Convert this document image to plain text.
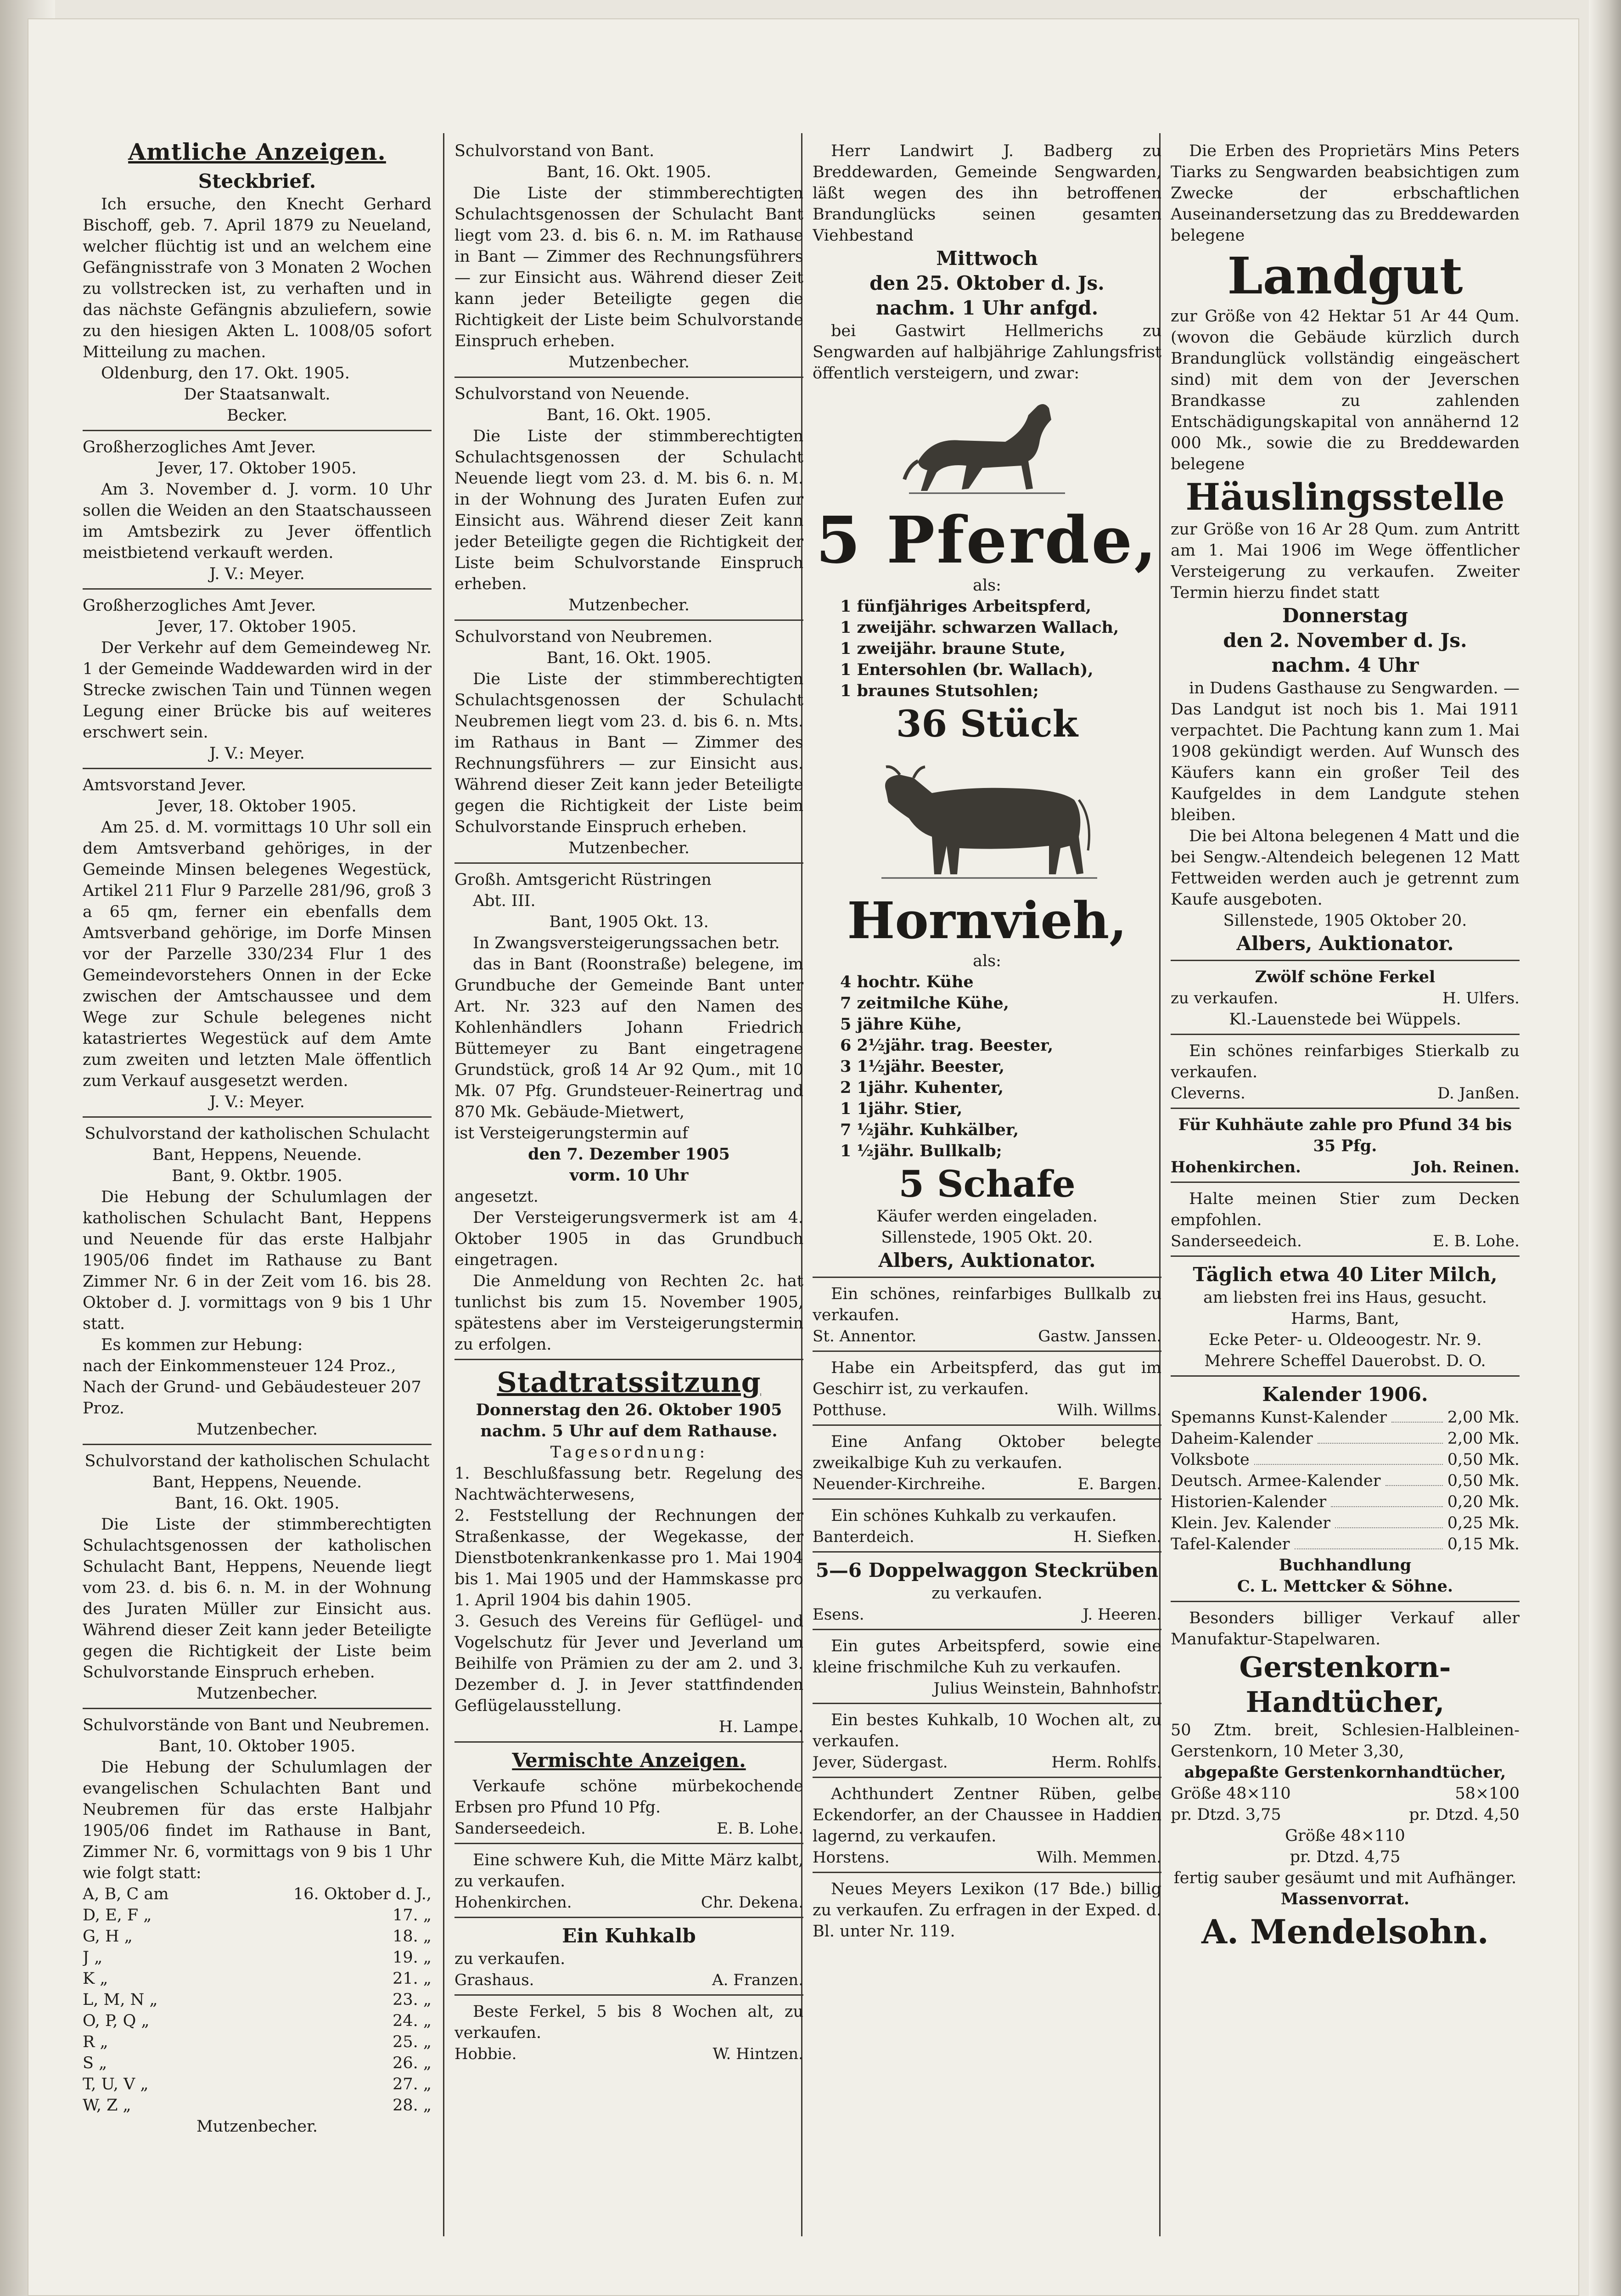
Amtliche Anzeigen.
Steckbrief.
Ich ersuche, den Knecht Gerhard Bischoff, geb. 7. April 1879 zu Neueland, welcher flüchtig ist und an welchem eine Gefängnisstrafe von 3 Monaten 2 Wochen zu vollstrecken ist, zu verhaften und in das nächste Gefängnis abzuliefern, sowie zu den hiesigen Akten L. 1008/05 sofort Mitteilung zu machen.
Oldenburg, den 17. Okt. 1905.
Der Staatsanwalt.
Becker.
Großherzogliches Amt Jever.
Jever, 17. Oktober 1905.
Am 3. November d. J. vorm. 10 Uhr sollen die Weiden an den Staatschausseen im Amtsbezirk zu Jever öffentlich meistbietend verkauft werden.
J. V.: Meyer.
Großherzogliches Amt Jever.
Jever, 17. Oktober 1905.
Der Verkehr auf dem Gemeindeweg Nr. 1 der Gemeinde Waddewarden wird in der Strecke zwischen Tain und Tünnen wegen Legung einer Brücke bis auf weiteres erschwert sein.
J. V.: Meyer.
Amtsvorstand Jever.
Jever, 18. Oktober 1905.
Am 25. d. M. vormittags 10 Uhr soll ein dem Amtsverband gehöriges, in der Gemeinde Minsen belegenes Wegestück, Artikel 211 Flur 9 Parzelle 281/96, groß 3 a 65 qm, ferner ein ebenfalls dem Amtsverband gehörige, im Dorfe Minsen vor der Parzelle 330/234 Flur 1 des Gemeindevorstehers Onnen in der Ecke zwischen der Amtschaussee und dem Wege zur Schule belegenes nicht katastriertes Wegestück auf dem Amte zum zweiten und letzten Male öffentlich zum Verkauf ausgesetzt werden.
J. V.: Meyer.
Schulvorstand der katholischen Schulacht Bant, Heppens, Neuende.
Bant, 9. Oktbr. 1905.
Die Hebung der Schulumlagen der katholischen Schulacht Bant, Heppens und Neuende für das erste Halbjahr 1905/06 findet im Rathause zu Bant Zimmer Nr. 6 in der Zeit vom 16. bis 28. Oktober d. J. vormittags von 9 bis 1 Uhr statt.
Es kommen zur Hebung:
nach der Einkommensteuer 124 Proz.,
Nach der Grund- und Gebäudesteuer 207 Proz.
Mutzenbecher.
Schulvorstand der katholischen Schulacht Bant, Heppens, Neuende.
Bant, 16. Okt. 1905.
Die Liste der stimmberechtigten Schulachtsgenossen der katholischen Schulacht Bant, Heppens, Neuende liegt vom 23. d. bis 6. n. M. in der Wohnung des Juraten Müller zur Einsicht aus. Während dieser Zeit kann jeder Beteiligte gegen die Richtigkeit der Liste beim Schulvorstande Einspruch erheben.
Mutzenbecher.
Schulvorstände von Bant und Neubremen.
Bant, 10. Oktober 1905.
Die Hebung der Schulumlagen der evangelischen Schulachten Bant und Neubremen für das erste Halbjahr 1905/06 findet im Rathause in Bant, Zimmer Nr. 6, vormittags von 9 bis 1 Uhr wie folgt statt:
A, B, C am	16. Oktober d. J.,
D, E, F „	17. „
G, H „	18. „
J „	19. „
K „	21. „
L, M, N „	23. „
O, P, Q „	24. „
R „	25. „
S „	26. „
T, U, V „	27. „
W, Z „	28. „
Mutzenbecher.
Schulvorstand von Bant.
Bant, 16. Okt. 1905.
Die Liste der stimmberechtigten Schulachtsgenossen der Schulacht Bant liegt vom 23. d. bis 6. n. M. im Rathause in Bant — Zimmer des Rechnungsführers — zur Einsicht aus. Während dieser Zeit kann jeder Beteiligte gegen die Richtigkeit der Liste beim Schulvorstande Einspruch erheben.
Mutzenbecher.
Schulvorstand von Neuende.
Bant, 16. Okt. 1905.
Die Liste der stimmberechtigten Schulachtsgenossen der Schulacht Neuende liegt vom 23. d. M. bis 6. n. M. in der Wohnung des Juraten Eufen zur Einsicht aus. Während dieser Zeit kann jeder Beteiligte gegen die Richtigkeit der Liste beim Schulvorstande Einspruch erheben.
Mutzenbecher.
Schulvorstand von Neubremen.
Bant, 16. Okt. 1905.
Die Liste der stimmberechtigten Schulachtsgenossen der Schulacht Neubremen liegt vom 23. d. bis 6. n. Mts. im Rathaus in Bant — Zimmer des Rechnungsführers — zur Einsicht aus. Während dieser Zeit kann jeder Beteiligte gegen die Richtigkeit der Liste beim Schulvorstande Einspruch erheben.
Mutzenbecher.
Großh. Amtsgericht Rüstringen
Abt. III.
Bant, 1905 Okt. 13.
In Zwangsversteigerungssachen betr.
das in Bant (Roonstraße) belegene, im Grundbuche der Gemeinde Bant unter Art. Nr. 323 auf den Namen des Kohlenhändlers Johann Friedrich Büttemeyer zu Bant eingetragene Grundstück, groß 14 Ar 92 Qum., mit 10 Mk. 07 Pfg. Grundsteuer-Reinertrag und 870 Mk. Gebäude-Mietwert,
ist Versteigerungstermin auf
den 7. Dezember 1905
vorm. 10 Uhr
angesetzt.
Der Versteigerungsvermerk ist am 4. Oktober 1905 in das Grundbuch eingetragen.
Die Anmeldung von Rechten 2c. hat tunlichst bis zum 15. November 1905, spätestens aber im Versteigerungstermin zu erfolgen.
Stadtratssitzung
Donnerstag den 26. Oktober 1905
nachm. 5 Uhr auf dem Rathause.
Tagesordnung:
1. Beschlußfassung betr. Regelung des Nachtwächterwesens,
2. Feststellung der Rechnungen der Straßenkasse, der Wegekasse, der Dienstbotenkrankenkasse pro 1. Mai 1904 bis 1. Mai 1905 und der Hammskasse pro 1. April 1904 bis dahin 1905.
3. Gesuch des Vereins für Geflügel- und Vogelschutz für Jever und Jeverland um Beihilfe von Prämien zu der am 2. und 3. Dezember d. J. in Jever stattfindenden Geflügelausstellung.
H. Lampe.
Vermischte Anzeigen.
Verkaufe schöne mürbekochende Erbsen pro Pfund 10 Pfg.
Sanderseedeich.	E. B. Lohe.
Eine schwere Kuh, die Mitte März kalbt, zu verkaufen.
Hohenkirchen.	Chr. Dekena.
Ein Kuhkalb
zu verkaufen.
Grashaus.	A. Franzen.
Beste Ferkel, 5 bis 8 Wochen alt, zu verkaufen.
Hobbie.	W. Hintzen.
Herr Landwirt J. Badberg zu Breddewarden, Gemeinde Sengwarden, läßt wegen des ihn betroffenen Brandunglücks seinen gesamten Viehbestand
Mittwoch
den 25. Oktober d. Js.
nachm. 1 Uhr anfgd.
bei Gastwirt Hellmerichs zu Sengwarden auf halbjährige Zahlungsfrist öffentlich versteigern, und zwar:
5 Pferde,
als:
1 fünfjähriges Arbeitspferd,
1 zweijähr. schwarzen Wallach,
1 zweijähr. braune Stute,
1 Entersohlen (br. Wallach),
1 braunes Stutsohlen;
36 Stück
Hornvieh,
als:
4 hochtr. Kühe
7 zeitmilche Kühe,
5 jähre Kühe,
6 2½jähr. trag. Beester,
3 1½jähr. Beester,
2 1jähr. Kuhenter,
1 1jähr. Stier,
7 ½jähr. Kuhkälber,
1 ½jähr. Bullkalb;
5 Schafe
Käufer werden eingeladen.
Sillenstede, 1905 Okt. 20.
Albers, Auktionator.
Ein schönes, reinfarbiges Bullkalb zu verkaufen.
St. Annentor.	Gastw. Janssen.
Habe ein Arbeitspferd, das gut im Geschirr ist, zu verkaufen.
Potthuse.	Wilh. Willms.
Eine Anfang Oktober belegte zweikalbige Kuh zu verkaufen.
Neuender-Kirchreihe.	E. Bargen.
Ein schönes Kuhkalb zu verkaufen.
Banterdeich.	H. Siefken.
5—6 Doppelwaggon Steckrüben
zu verkaufen.
Esens.	J. Heeren.
Ein gutes Arbeitspferd, sowie eine kleine frischmilche Kuh zu verkaufen.
Julius Weinstein, Bahnhofstr.
Ein bestes Kuhkalb, 10 Wochen alt, zu verkaufen.
Jever, Südergast.	Herm. Rohlfs.
Achthundert Zentner Rüben, gelbe Eckendorfer, an der Chaussee in Haddien lagernd, zu verkaufen.
Horstens.	Wilh. Memmen.
Neues Meyers Lexikon (17 Bde.) billig zu verkaufen. Zu erfragen in der Exped. d. Bl. unter Nr. 119.
Die Erben des Proprietärs Mins Peters Tiarks zu Sengwarden beabsichtigen zum Zwecke der erbschaftlichen Auseinandersetzung das zu Breddewarden belegene
Landgut
zur Größe von 42 Hektar 51 Ar 44 Qum. (wovon die Gebäude kürzlich durch Brandunglück vollständig eingeäschert sind) mit dem von der Jeverschen Brandkasse zu zahlenden Entschädigungskapital von annähernd 12 000 Mk., sowie die zu Breddewarden belegene
Häuslingsstelle
zur Größe von 16 Ar 28 Qum. zum Antritt am 1. Mai 1906 im Wege öffentlicher Versteigerung zu verkaufen. Zweiter Termin hierzu findet statt
Donnerstag
den 2. November d. Js.
nachm. 4 Uhr
in Dudens Gasthause zu Sengwarden. — Das Landgut ist noch bis 1. Mai 1911 verpachtet. Die Pachtung kann zum 1. Mai 1908 gekündigt werden. Auf Wunsch des Käufers kann ein großer Teil des Kaufgeldes in dem Landgute stehen bleiben.
Die bei Altona belegenen 4 Matt und die bei Sengw.-Altendeich belegenen 12 Matt Fettweiden werden auch je getrennt zum Kaufe ausgeboten.
Sillenstede, 1905 Oktober 20.
Albers, Auktionator.
Zwölf schöne Ferkel
zu verkaufen.	H. Ulfers.
Kl.-Lauenstede bei Wüppels.
Ein schönes reinfarbiges Stierkalb zu verkaufen.
Cleverns.	D. Janßen.
Für Kuhhäute zahle pro Pfund 34 bis 35 Pfg.
Hohenkirchen.	Joh. Reinen.
Halte meinen Stier zum Decken empfohlen.
Sanderseedeich.	E. B. Lohe.
Täglich etwa 40 Liter Milch,
am liebsten frei ins Haus, gesucht.
Harms, Bant,
Ecke Peter- u. Oldeoogestr. Nr. 9.
Mehrere Scheffel Dauerobst. D. O.
Kalender 1906.
Spemanns Kunst-Kalender	2,00 Mk.
Daheim-Kalender	2,00 Mk.
Volksbote	0,50 Mk.
Deutsch. Armee-Kalender	0,50 Mk.
Historien-Kalender	0,20 Mk.
Klein. Jev. Kalender	0,25 Mk.
Tafel-Kalender	0,15 Mk.
Buchhandlung
C. L. Mettcker & Söhne.
Besonders billiger Verkauf aller Manufaktur-Stapelwaren.
Gerstenkorn-
Handtücher,
50 Ztm. breit, Schlesien-Halbleinen-Gerstenkorn, 10 Meter 3,30,
abgepaßte Gerstenkornhandtücher,
Größe 48×110	58×100
pr. Dtzd. 3,75	pr. Dtzd. 4,50
Größe 48×110
pr. Dtzd. 4,75
fertig sauber gesäumt und mit Aufhänger.
Massenvorrat.
A. Mendelsohn.
